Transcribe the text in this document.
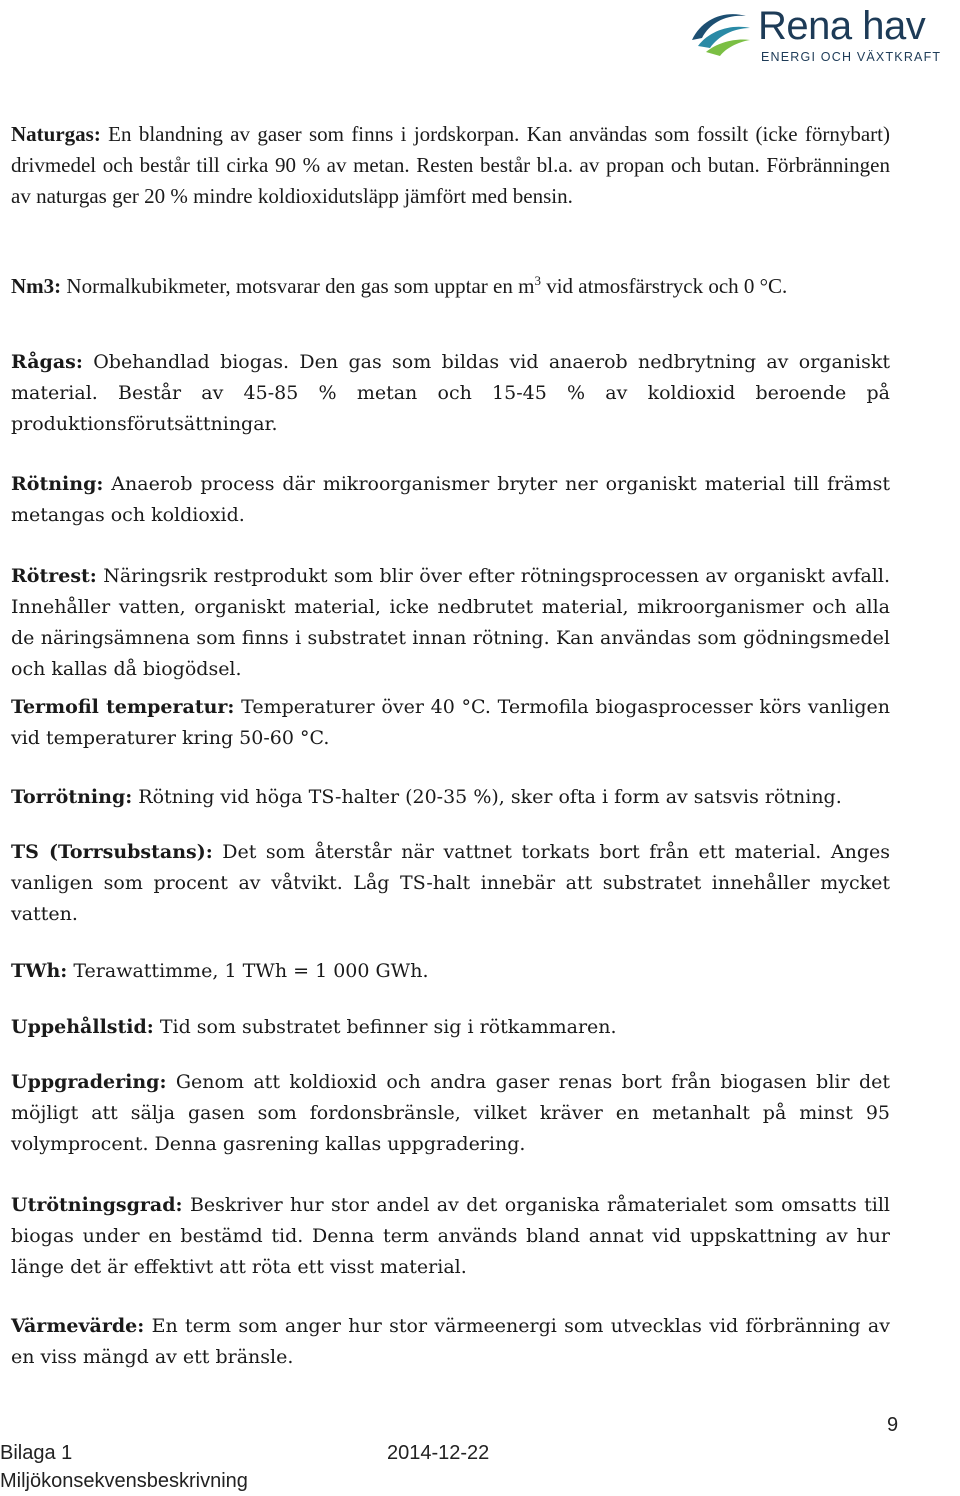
Rena hav
ENERGI OCH VÄXTKRAFT

Naturgas: En blandning av gaser som finns i jordskorpan. Kan användas som fossilt (icke förnybart) drivmedel och består till cirka 90 % av metan. Resten består bl.a. av propan och butan. Förbränningen av naturgas ger 20 % mindre koldioxidutsläpp jämfört med bensin.

Nm3: Normalkubikmeter, motsvarar den gas som upptar en $m^3$ vid atmosfärstryck och 0 °C.

Rågas: Obehandlad biogas. Den gas som bildas vid anaerob nedbrytning av organiskt material. Består av 45-85 % metan och 15-45 % av koldioxid beroende på produktionsförutsättningar.

Rötning: Anaerob process där mikroorganismer bryter ner organiskt material till främst metangas och koldioxid.

Rötrest: Näringsrik restprodukt som blir över efter rötningsprocessen av organiskt avfall. Innehåller vatten, organiskt material, icke nedbrutet material, mikroorganismer och alla de näringsämnena som finns i substratet innan rötning. Kan användas som gödningsmedel och kallas då biogödsel.

Termofil temperatur: Temperaturer över 40 °C. Termofila biogasprocesser körs vanligen vid temperaturer kring 50-60 °C.

Torrötning: Rötning vid höga TS-halter (20-35 %), sker ofta i form av satsvis rötning.

TS (Torrsubstans): Det som återstår när vattnet torkats bort från ett material. Anges vanligen som procent av våtvikt. Låg TS-halt innebär att substratet innehåller mycket vatten.

TWh: Terawattimme, 1 TWh = 1 000 GWh.

Uppehållstid: Tid som substratet befinner sig i rötkammaren.

Uppgradering: Genom att koldioxid och andra gaser renas bort från biogasen blir det möjligt att sälja gasen som fordonsbränsle, vilket kräver en metanhalt på minst 95 volymprocent. Denna gasrening kallas uppgradering.

Utrötningsgrad: Beskriver hur stor andel av det organiska råmaterialet som omsatts till biogas under en bestämd tid. Denna term används bland annat vid uppskattning av hur länge det är effektivt att röta ett visst material.

Värmevärde: En term som anger hur stor värmeenergi som utvecklas vid förbränning av en viss mängd av ett bränsle.

9
Bilaga 1	2014-12-22
Miljökonsekvensbeskrivning
